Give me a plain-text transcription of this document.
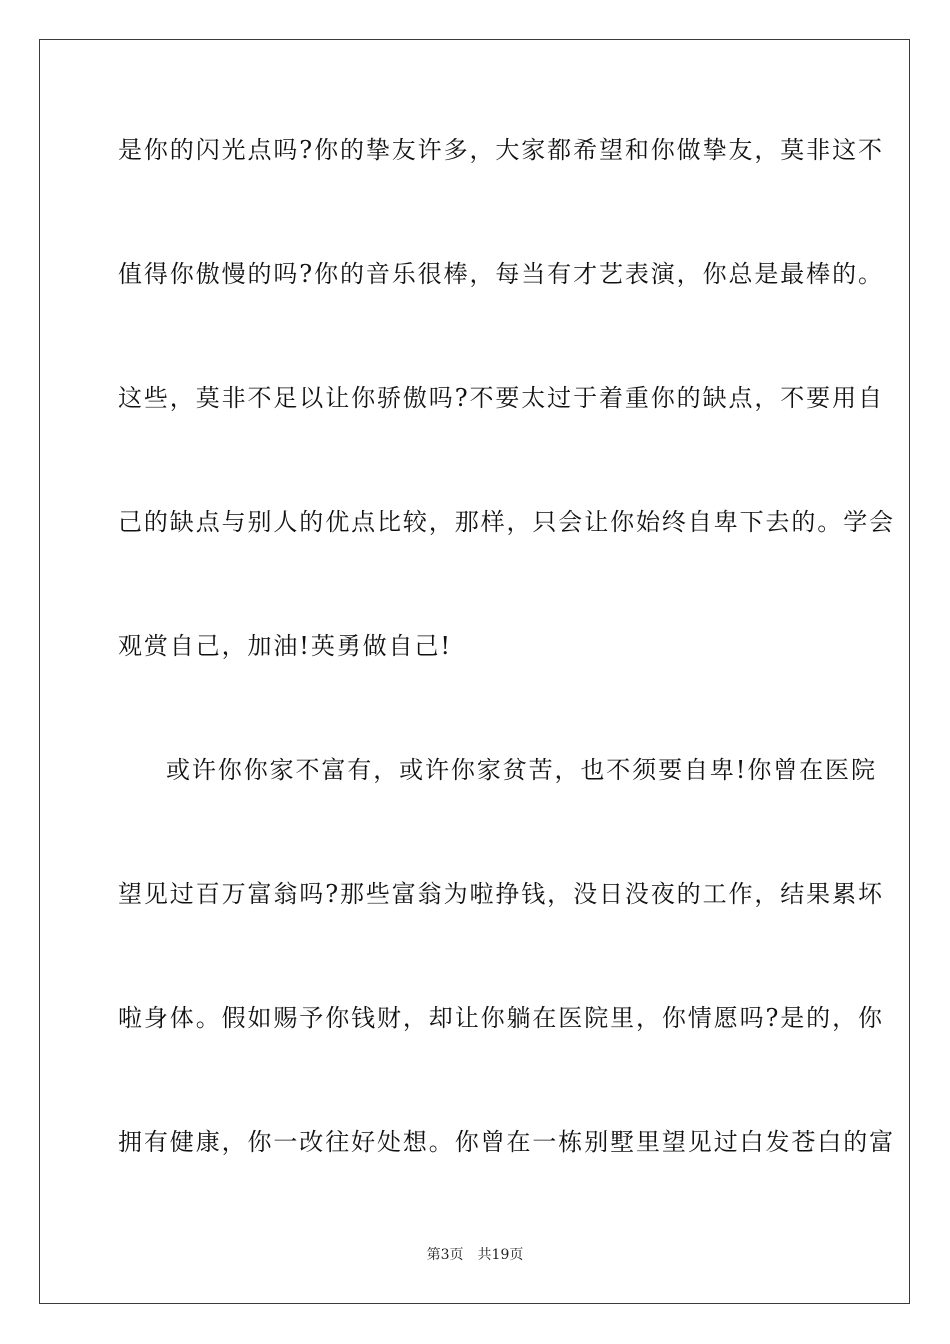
是你的闪光点吗?你的挚友许多，大家都希望和你做挚友，莫非这不
值得你傲慢的吗?你的音乐很棒，每当有才艺表演，你总是最棒的。
这些，莫非不足以让你骄傲吗?不要太过于着重你的缺点，不要用自
己的缺点与别人的优点比较，那样，只会让你始终自卑下去的。学会
观赏自己，加油!英勇做自己!
或许你你家不富有，或许你家贫苦，也不须要自卑!你曾在医院
望见过百万富翁吗?那些富翁为啦挣钱，没日没夜的工作，结果累坏
啦身体。假如赐予你钱财，却让你躺在医院里，你情愿吗?是的，你
拥有健康，你一改往好处想。你曾在一栋别墅里望见过白发苍白的富
第3页 共19页
